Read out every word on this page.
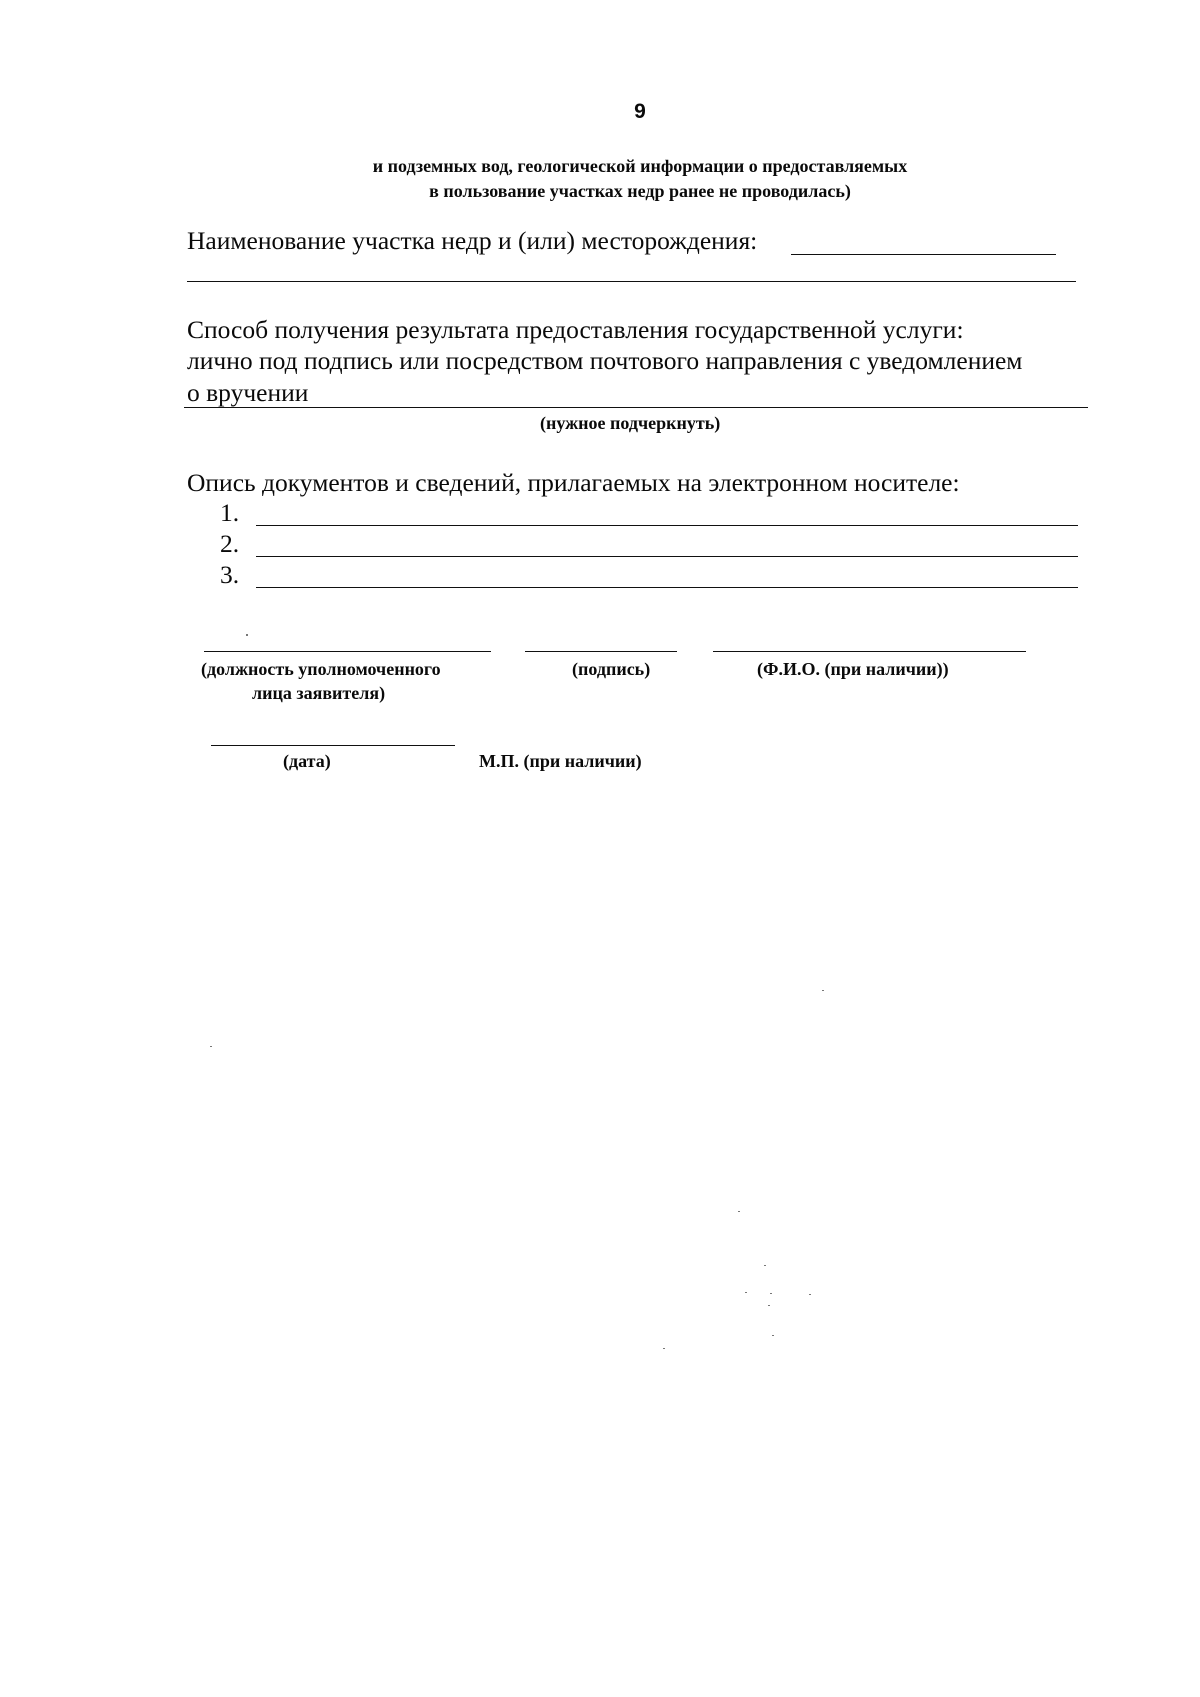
9
и подземных вод, геологической информации о предоставляемых
в пользование участках недр ранее не проводилась)
Наименование участка недр и (или) месторождения:
Способ получения результата предоставления государственной услуги:
лично под подпись или посредством почтового направления с уведомлением
о вручении
(нужное подчеркнуть)
Опись документов и сведений, прилагаемых на электронном носителе:
1.
2.
3.
(должность уполномоченного
лица заявителя)
(подпись)	(Ф.И.О. (при наличии))
(дата)	М.П. (при наличии)
